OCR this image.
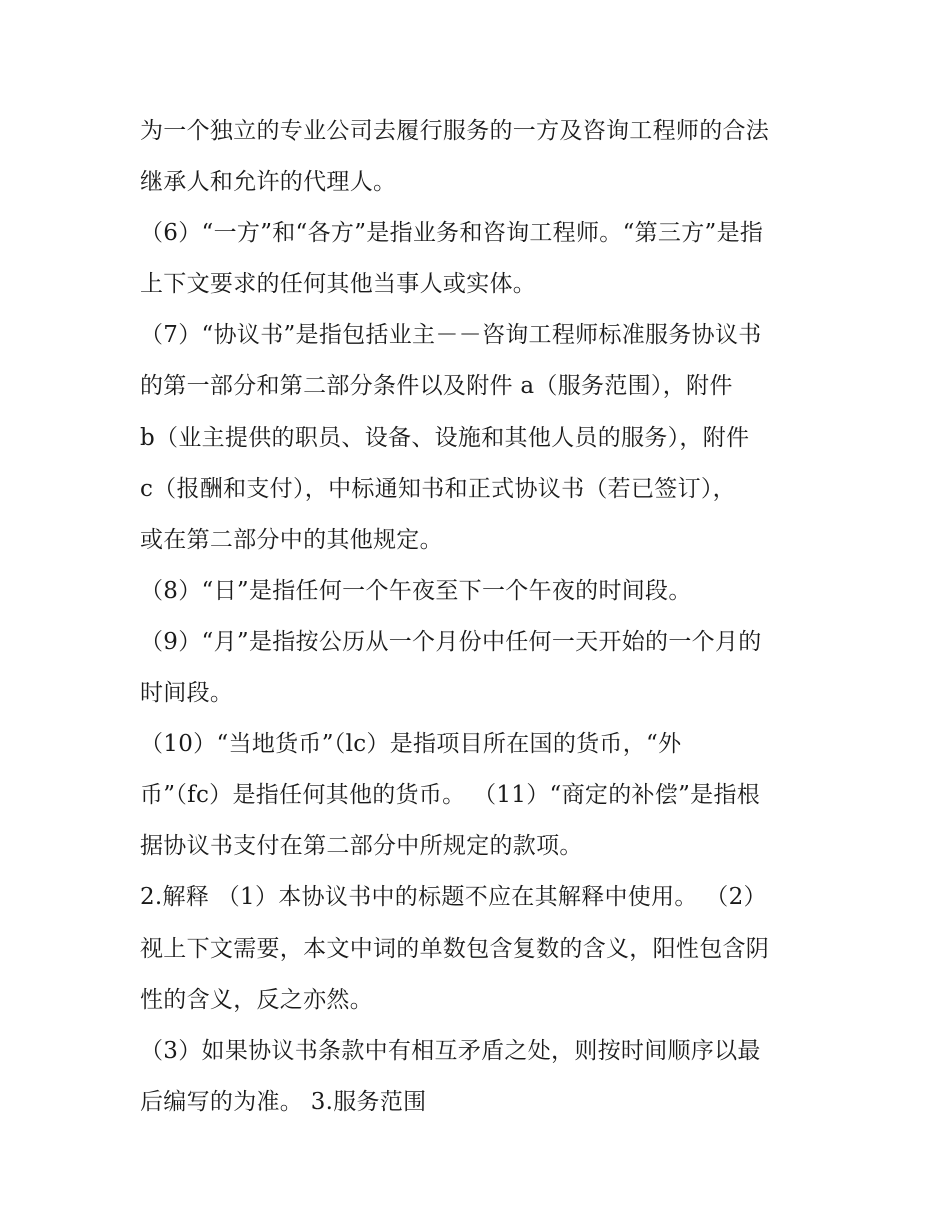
为一个独立的专业公司去履行服务的一方及咨询工程师的合法
继承人和允许的代理人。
（6）“一方”和“各方”是指业务和咨询工程师。“第三方”是指
上下文要求的任何其他当事人或实体。
（7）“协议书”是指包括业主－－咨询工程师标准服务协议书
的第一部分和第二部分条件以及附件 a（服务范围），附件
b（业主提供的职员、设备、设施和其他人员的服务），附件
c（报酬和支付），中标通知书和正式协议书（若已签订），
或在第二部分中的其他规定。
（8）“日”是指任何一个午夜至下一个午夜的时间段。
（9）“月”是指按公历从一个月份中任何一天开始的一个月的
时间段。
（10）“当地货币”（lc）是指项目所在国的货币，“外
币”（fc）是指任何其他的货币。 （11）“商定的补偿”是指根
据协议书支付在第二部分中所规定的款项。
2.解释 （1）本协议书中的标题不应在其解释中使用。 （2）
视上下文需要，本文中词的单数包含复数的含义，阳性包含阴
性的含义，反之亦然。
（3）如果协议书条款中有相互矛盾之处，则按时间顺序以最
后编写的为准。 3.服务范围
